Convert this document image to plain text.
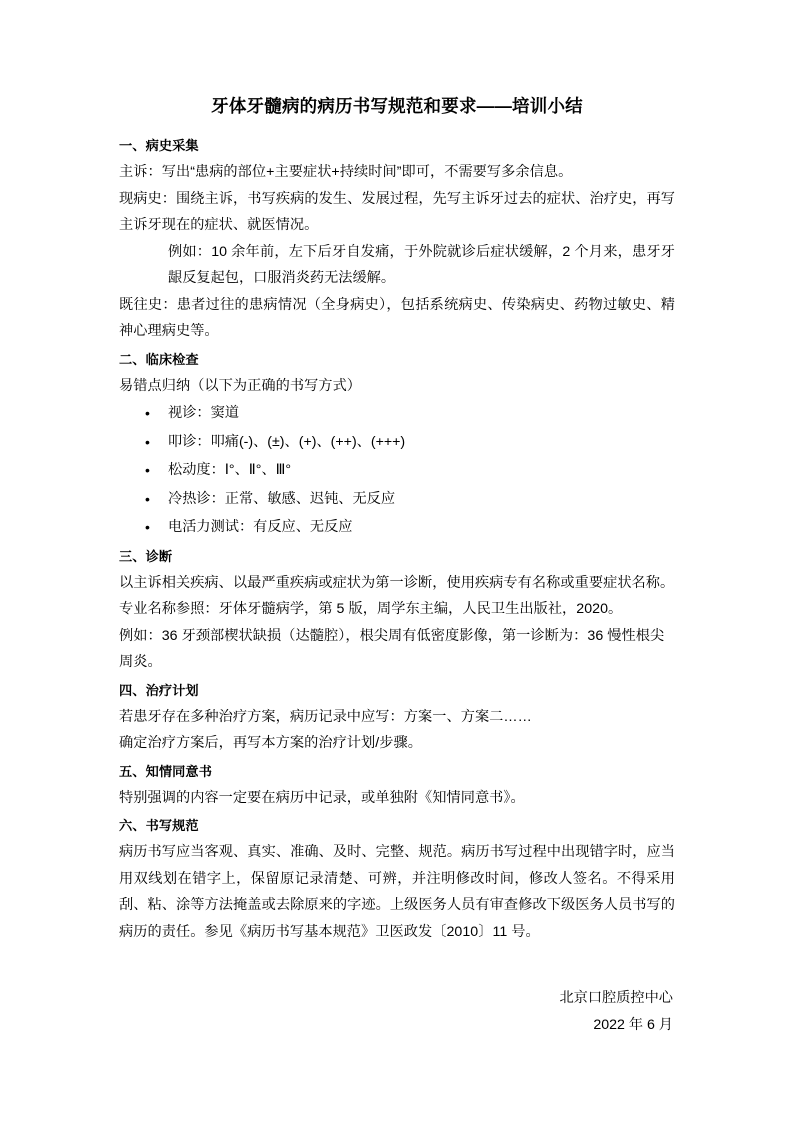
牙体牙髓病的病历书写规范和要求——培训小结
一、病史采集

主诉：写出“患病的部位+主要症状+持续时间”即可，不需要写多余信息。

现病史：围绕主诉，书写疾病的发生、发展过程，先写主诉牙过去的症状、治疗史，再写主诉牙现在的症状、就医情况。

例如：10 余年前，左下后牙自发痛，于外院就诊后症状缓解，2 个月来，患牙牙龈反复起包，口服消炎药无法缓解。

既往史：患者过往的患病情况（全身病史），包括系统病史、传染病史、药物过敏史、精神心理病史等。

二、临床检查

易错点归纳（以下为正确的书写方式）

• 视诊：窦道
• 叩诊：叩痛(-)、(±)、(+)、(++)、(+++)
• 松动度：Ⅰ°、Ⅱ°、Ⅲ°
• 冷热诊：正常、敏感、迟钝、无反应
• 电活力测试：有反应、无反应
三、诊断

以主诉相关疾病、以最严重疾病或症状为第一诊断，使用疾病专有名称或重要症状名称。

专业名称参照：牙体牙髓病学，第 5 版，周学东主编，人民卫生出版社，2020。

例如：36 牙颈部楔状缺损（达髓腔），根尖周有低密度影像，第一诊断为：36 慢性根尖周炎。

四、治疗计划

若患牙存在多种治疗方案，病历记录中应写：方案一、方案二……

确定治疗方案后，再写本方案的治疗计划/步骤。

五、知情同意书

特别强调的内容一定要在病历中记录，或单独附《知情同意书》。

六、书写规范

病历书写应当客观、真实、准确、及时、完整、规范。病历书写过程中出现错字时，应当用双线划在错字上，保留原记录清楚、可辨，并注明修改时间，修改人签名。不得采用刮、粘、涂等方法掩盖或去除原来的字迹。上级医务人员有审查修改下级医务人员书写的病历的责任。参见《病历书写基本规范》卫医政发〔2010〕11 号。

北京口腔质控中心
2022 年 6 月
